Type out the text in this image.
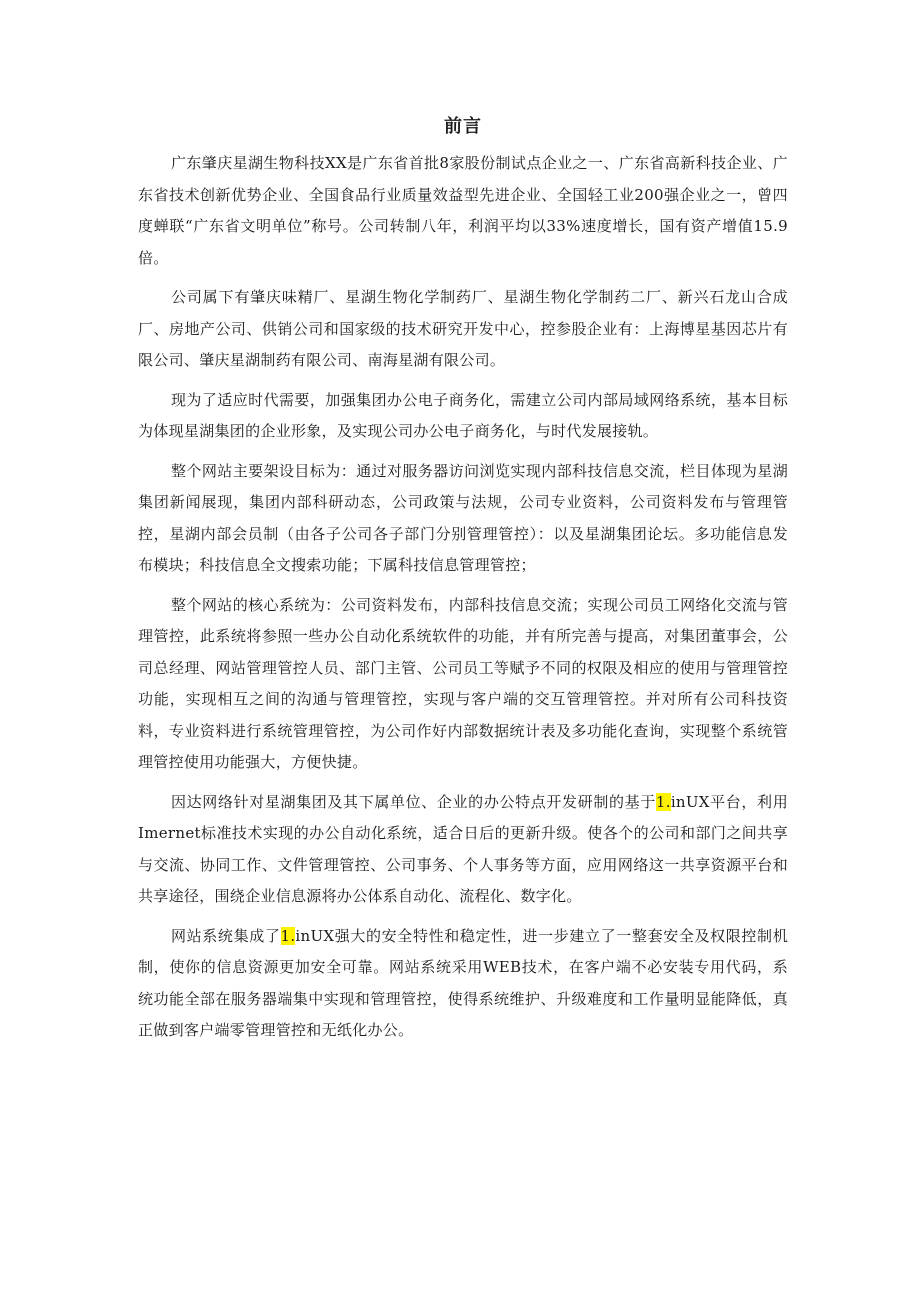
前言

广东肇庆星湖生物科技XX是广东省首批8家股份制试点企业之一、广东省高新科技企业、广东省技术创新优势企业、全国食品行业质量效益型先进企业、全国轻工业200强企业之一，曾四度蝉联“广东省文明单位”称号。公司转制八年，利润平均以33%速度增长，国有资产增值15.9倍。

公司属下有肇庆味精厂、星湖生物化学制药厂、星湖生物化学制药二厂、新兴石龙山合成厂、房地产公司、供销公司和国家级的技术研究开发中心，控参股企业有：上海博星基因芯片有限公司、肇庆星湖制药有限公司、南海星湖有限公司。

现为了适应时代需要，加强集团办公电子商务化，需建立公司内部局域网络系统，基本目标为体现星湖集团的企业形象，及实现公司办公电子商务化，与时代发展接轨。

整个网站主要架设目标为：通过对服务器访问浏览实现内部科技信息交流，栏目体现为星湖集团新闻展现，集团内部科研动态，公司政策与法规，公司专业资料，公司资料发布与管理管控，星湖内部会员制（由各子公司各子部门分别管理管控）：以及星湖集团论坛。多功能信息发布模块；科技信息全文搜索功能；下属科技信息管理管控；

整个网站的核心系统为：公司资料发布，内部科技信息交流；实现公司员工网络化交流与管理管控，此系统将参照一些办公自动化系统软件的功能，并有所完善与提高，对集团董事会，公司总经理、网站管理管控人员、部门主管、公司员工等赋予不同的权限及相应的使用与管理管控功能，实现相互之间的沟通与管理管控，实现与客户端的交互管理管控。并对所有公司科技资料，专业资料进行系统管理管控，为公司作好内部数据统计表及多功能化查询，实现整个系统管理管控使用功能强大，方便快捷。

因达网络针对星湖集团及其下属单位、企业的办公特点开发研制的基于1.inUX平台，利用Imernet标准技术实现的办公自动化系统，适合日后的更新升级。使各个的公司和部门之间共享与交流、协同工作、文件管理管控、公司事务、个人事务等方面，应用网络这一共享资源平台和共享途径，围绕企业信息源将办公体系自动化、流程化、数字化。

网站系统集成了1.inUX强大的安全特性和稳定性，进一步建立了一整套安全及权限控制机制，使你的信息资源更加安全可靠。网站系统采用WEB技术，在客户端不必安装专用代码，系统功能全部在服务器端集中实现和管理管控，使得系统维护、升级难度和工作量明显能降低，真正做到客户端零管理管控和无纸化办公。
